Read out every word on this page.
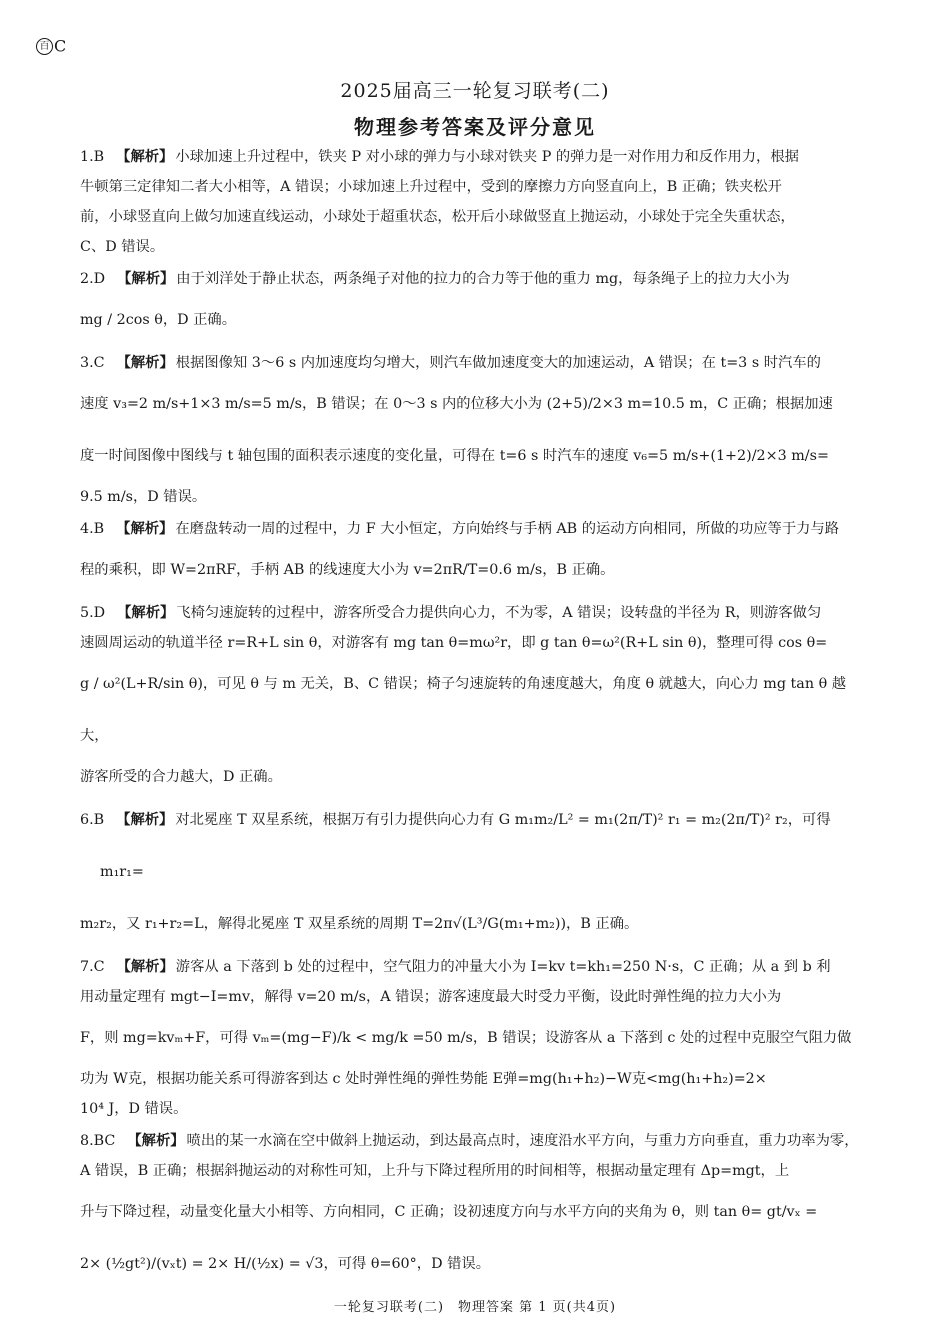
百 C
2025届高三一轮复习联考(二)
物理参考答案及评分意见
1.B 【解析】 小球加速上升过程中，铁夹 P 对小球的弹力与小球对铁夹 P 的弹力是一对作用力和反作用力，根据
牛顿第三定律知二者大小相等，A 错误；小球加速上升过程中，受到的摩擦力方向竖直向上，B 正确；铁夹松开
前，小球竖直向上做匀加速直线运动，小球处于超重状态，松开后小球做竖直上抛运动，小球处于完全失重状态，
C、D 错误。
2.D 【解析】 由于刘洋处于静止状态，两条绳子对他的拉力的合力等于他的重力 mg，每条绳子上的拉力大小为
mg / 2cos θ，D 正确。
3.C 【解析】 根据图像知 3～6 s 内加速度均匀增大，则汽车做加速度变大的加速运动，A 错误；在 t=3 s 时汽车的
速度 v₃=2 m/s+1×3 m/s=5 m/s，B 错误；在 0～3 s 内的位移大小为 (2+5)/2×3 m=10.5 m，C 正确；根据加速
度一时间图像中图线与 t 轴包围的面积表示速度的变化量，可得在 t=6 s 时汽车的速度 v₆=5 m/s+(1+2)/2×3 m/s=
9.5 m/s，D 错误。
4.B 【解析】 在磨盘转动一周的过程中，力 F 大小恒定，方向始终与手柄 AB 的运动方向相同，所做的功应等于力与路
程的乘积，即 W=2πRF，手柄 AB 的线速度大小为 v=2πR/T=0.6 m/s，B 正确。
5.D 【解析】 飞椅匀速旋转的过程中，游客所受合力提供向心力，不为零，A 错误；设转盘的半径为 R，则游客做匀
速圆周运动的轨道半径 r=R+L sin θ，对游客有 mg tan θ=mω²r，即 g tan θ=ω²(R+L sin θ)，整理可得 cos θ=
g / ω²(L+R/sin θ)，可见 θ 与 m 无关，B、C 错误；椅子匀速旋转的角速度越大，角度 θ 就越大，向心力 mg tan θ 越大，
游客所受的合力越大，D 正确。
6.B 【解析】 对北冕座 T 双星系统，根据万有引力提供向心力有 G m₁m₂/L² = m₁(2π/T)² r₁ = m₂(2π/T)² r₂，可得 m₁r₁=
m₂r₂，又 r₁+r₂=L，解得北冕座 T 双星系统的周期 T=2π√(L³/G(m₁+m₂))，B 正确。
7.C 【解析】 游客从 a 下落到 b 处的过程中，空气阻力的冲量大小为 I=kv t=kh₁=250 N·s，C 正确；从 a 到 b 利
用动量定理有 mgt−I=mv，解得 v=20 m/s，A 错误；游客速度最大时受力平衡，设此时弹性绳的拉力大小为
F，则 mg=kvₘ+F，可得 vₘ=(mg−F)/k < mg/k =50 m/s，B 错误；设游客从 a 下落到 c 处的过程中克服空气阻力做
功为 W克，根据功能关系可得游客到达 c 处时弹性绳的弹性势能 E弹=mg(h₁+h₂)−W克<mg(h₁+h₂)=2×
10⁴ J，D 错误。
8.BC 【解析】 喷出的某一水滴在空中做斜上抛运动，到达最高点时，速度沿水平方向，与重力方向垂直，重力功率为零，
A 错误，B 正确；根据斜抛运动的对称性可知，上升与下降过程所用的时间相等，根据动量定理有 Δp=mgt，上
升与下降过程，动量变化量大小相等、方向相同，C 正确；设初速度方向与水平方向的夹角为 θ，则 tan θ= gt/vₓ =
2× (½gt²)/(vₓt) = 2× H/(½x) = √3，可得 θ=60°，D 错误。
一轮复习联考(二)　物理答案 第 1 页(共4页)
